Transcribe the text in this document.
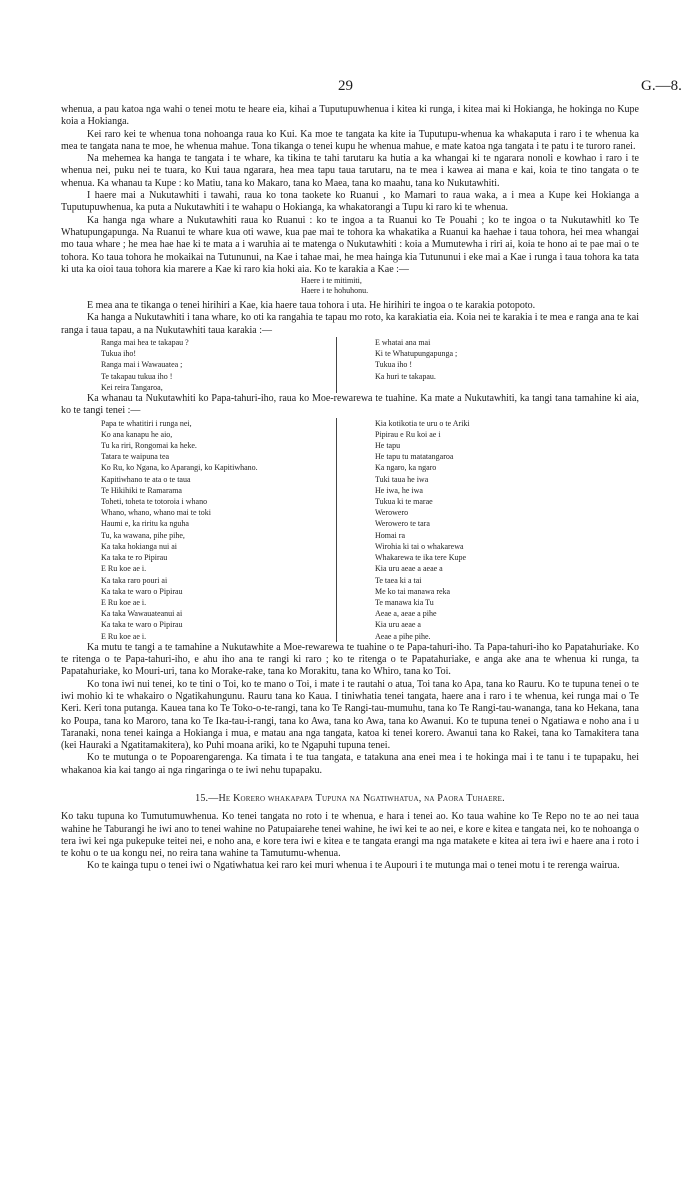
29	G.—8.

whenua, a pau katoa nga wahi o tenei motu te heare eia, kihai a Tuputupuwhenua i kitea ki runga, i kitea mai ki Hokianga, he hokinga no Kupe koia a Hokianga.

Kei raro kei te whenua tona nohoanga raua ko Kui. Ka moe te tangata ka kite ia Tuputupu-whenua ka whakaputa i raro i te whenua ka mea te tangata nana te moe, he whenua mahue. Tona tikanga o tenei kupu he whenua mahue, e mate katoa nga tangata i te patu i te turoro ranei.

Na mehemea ka hanga te tangata i te whare, ka tikina te tahi tarutaru ka hutia a ka whangai ki te ngarara nonoli e kowhao i raro i te whenua nei, puku nei te tuara, ko Kui taua ngarara, hea mea tapu taua tarutaru, na te mea i kawea ai mana e kai, koia te tino tangata o te whenua. Ka whanau ta Kupe : ko Matiu, tana ko Makaro, tana ko Maea, tana ko maahu, tana ko Nukutawhiti.

I haere mai a Nukutawhiti i tawahi, raua ko tona taokete ko Ruanui , ko Mamari to raua waka, a i mea a Kupe kei Hokianga a Tuputupuwhenua, ka puta a Nukutawhiti i te wahapu o Hokianga, ka whakatorangi a Tupu ki raro ki te whenua.

Ka hanga nga whare a Nukutawhiti raua ko Ruanui : ko te ingoa a ta Ruanui ko Te Pouahi ; ko te ingoa o ta Nukutawhitl ko Te Whatupungapunga. Na Ruanui te whare kua oti wawe, kua pae mai te tohora ka whakatika a Ruanui ka haehae i taua tohora, hei mea whangai mo taua whare ; he mea hae hae ki te mata a i waruhia ai te matenga o Nukutawhiti : koia a Mumutewha i riri ai, koia te hono ai te pae mai o te tohora. Ko taua tohora he mokaikai na Tutununui, na Kae i tahae mai, he mea hainga kia Tutununui i eke mai a Kae i runga i taua tohora ka tata ki uta ka oioi taua tohora kia marere a Kae ki raro kia hoki aia. Ko te karakia a Kae :—

Haere i te mitimiti,
Haere i te hohuhonu.

E mea ana te tikanga o tenei hirihiri a Kae, kia haere taua tohora i uta. He hirihiri te ingoa o te karakia potopoto.

Ka hanga a Nukutawhiti i tana whare, ko oti ka rangahia te tapau mo roto, ka karakiatia eia. Koia nei te karakia i te mea e ranga ana te kai ranga i taua tapau, a na Nukutawhiti taua karakia :—

Ranga mai hea te takapau ?
Tukua iho!
Ranga mai i Wawauatea ;
Te takapau tukua iho !
Kei reira Tangaroa,
E whatai ana mai
Ki te Whatupungapunga ;
Tukua iho !
Ka huri te takapau.

Ka whanau ta Nukutawhiti ko Papa-tahuri-iho, raua ko Moe-rewarewa te tuahine. Ka mate a Nukutawhiti, ka tangi tana tamahine ki aia, ko te tangi tenei :—

Papa te whatitiri i runga nei,
Ko ana kanapu he aio,
Tu ka riri, Rongomai ka heke.
Tatara te waipuna tea
Ko Ru, ko Ngana, ko Aparangi, ko Kapitiwhano.
Kapitiwhano te ata o te taua
Te Hikihiki te Ramarama
Toheti, toheta te totoroia i whano
Whano, whano, whano mai te toki
Haumi e, ka riritu ka nguha
Tu, ka wawana, pihe pihe,
Ka taka hokianga nui ai
Ka taka te ro Pipirau
E Ru koe ae i.
Ka taka raro pouri ai
Ka taka te waro o Pipirau
E Ru koe ae i.
Ka taka Wawauateanui ai
Ka taka te waro o Pipirau
E Ru koe ae i.
Kia kotikotia te uru o te Ariki
Pipirau e Ru koi ae i
He tapu
He tapu tu matatangaroa
Ka ngaro, ka ngaro
Tuki taua he iwa
He iwa, he iwa
Tukua ki te marae
Werowero
Werowero te tara
Homai ra
Wirohia ki tai o whakarewa
Whakarewa te ika tere Kupe
Kia uru aeae a aeae a
Te taea ki a tai
Me ko tai manawa reka
Te manawa kia Tu
Aeae a, aeae a pihe
Kia uru aeae a
Aeae a pihe pihe.

Ka mutu te tangi a te tamahine a Nukutawhite a Moe-rewarewa te tuahine o te Papa-tahuri-iho. Ta Papa-tahuri-iho ko Papatahuriake. Ko te ritenga o te Papa-tahuri-iho, e ahu iho ana te rangi ki raro ; ko te ritenga o te Papatahuriake, e anga ake ana te whenua ki runga, ta Papatahuriake, ko Mouri-uri, tana ko Morake-rake, tana ko Morakitu, tana ko Whiro, tana ko Toi.

Ko tona iwi nui tenei, ko te tini o Toi, ko te mano o Toi, i mate i te rautahi o atua, Toi tana ko Apa, tana ko Rauru. Ko te tupuna tenei o te iwi mohio ki te whakairo o Ngatikahungunu. Rauru tana ko Kaua. I tiniwhatia tenei tangata, haere ana i raro i te whenua, kei runga mai o Te Keri. Keri tona putanga. Kauea tana ko Te Toko-o-te-rangi, tana ko Te Rangi-tau-mumuhu, tana ko Te Rangi-tau-wananga, tana ko Hekana, tana ko Poupa, tana ko Maroro, tana ko Te Ika-tau-i-rangi, tana ko Awa, tana ko Awa, tana ko Awanui. Ko te tupuna tenei o Ngatiawa e noho ana i u Taranaki, nona tenei kainga a Hokianga i mua, e matau ana nga tangata, katoa ki tenei korero. Awanui tana ko Rakei, tana ko Tamakitera tana (kei Hauraki a Ngatitamakitera), ko Puhi moana ariki, ko te Ngapuhi tupuna tenei.

Ko te mutunga o te Popoarengarenga. Ka timata i te tua tangata, e tatakuna ana enei mea i te hokinga mai i te tanu i te tupapaku, hei whakanoa kia kai tango ai nga ringaringa o te iwi nehu tupapaku.

15.—He Korero whakapapa Tupuna na Ngatiwhatua, na Paora Tuhaere.

Ko taku tupuna ko Tumutumuwhenua. Ko tenei tangata no roto i te whenua, e hara i tenei ao. Ko taua wahine ko Te Repo no te ao nei taua wahine he Taburangi he iwi ano to tenei wahine no Patupaiarehe tenei wahine, he iwi kei te ao nei, e kore e kitea e tangata nei, ko te nohoanga o tera iwi kei nga pukepuke teitei nei, e noho ana, e kore tera iwi e kitea e te tangata erangi ma nga matakete e kitea ai tera iwi e haere ana i roto i te kohu o te ua kongu nei, no reira tana wahine ta Tamutumu-whenua.

Ko te kainga tupu o tenei iwi o Ngatiwhatua kei raro kei muri whenua i te Aupouri i te mutunga mai o tenei motu i te rerenga wairua.
